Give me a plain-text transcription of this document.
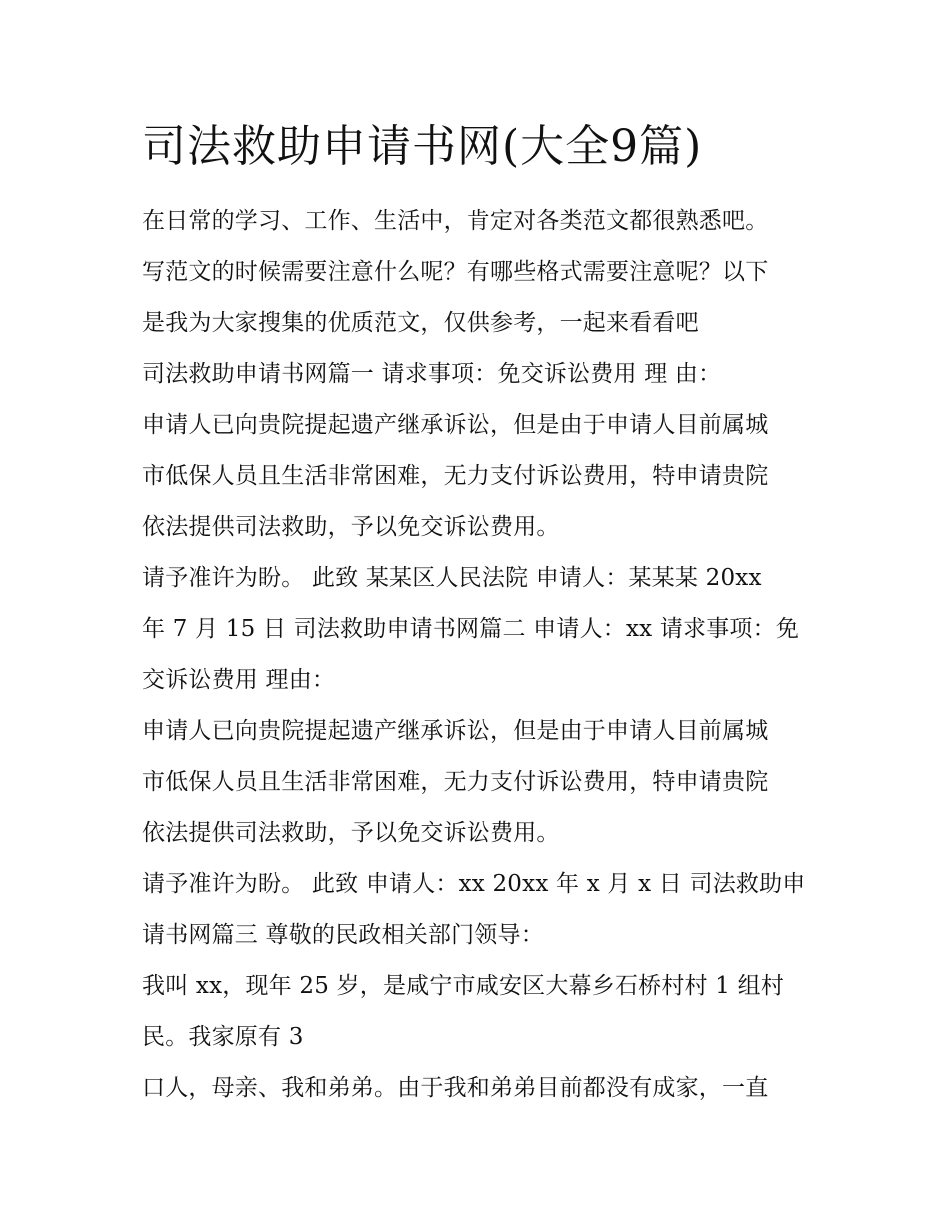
司法救助申请书网(大全9篇)

在日常的学习、工作、生活中，肯定对各类范文都很熟悉吧。

写范文的时候需要注意什么呢？有哪些格式需要注意呢？以下

是我为大家搜集的优质范文，仅供参考，一起来看看吧

司法救助申请书网篇一 请求事项：免交诉讼费用 理 由：

申请人已向贵院提起遗产继承诉讼，但是由于申请人目前属城

市低保人员且生活非常困难，无力支付诉讼费用，特申请贵院

依法提供司法救助，予以免交诉讼费用。

请予准许为盼。 此致 某某区人民法院 申请人：某某某 20xx

年 7 月 15 日 司法救助申请书网篇二 申请人：xx 请求事项：免

交诉讼费用 理由：

申请人已向贵院提起遗产继承诉讼，但是由于申请人目前属城

市低保人员且生活非常困难，无力支付诉讼费用，特申请贵院

依法提供司法救助，予以免交诉讼费用。

请予准许为盼。 此致 申请人：xx 20xx 年 x 月 x 日 司法救助申

请书网篇三 尊敬的民政相关部门领导：

我叫 xx，现年 25 岁，是咸宁市咸安区大幕乡石桥村村 1 组村

民。我家原有 3

口人，母亲、我和弟弟。由于我和弟弟目前都没有成家，一直
